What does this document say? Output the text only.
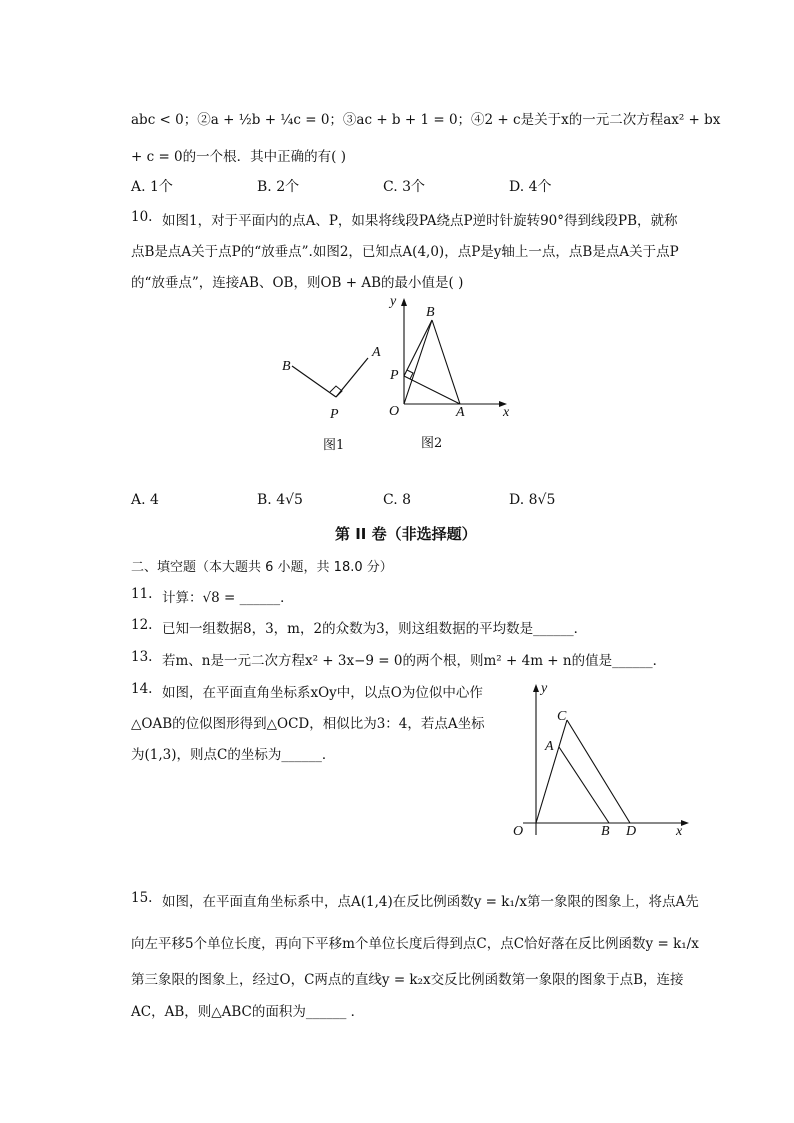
abc < 0；②a + ½b + ¼c = 0；③ac + b + 1 = 0；④2 + c是关于x的一元二次方程ax² + bx
+ c = 0的一个根．其中正确的有( )
A. 1个	B. 2个	C. 3个	D. 4个
10. 如图1，对于平面内的点A、P，如果将线段PA绕点P逆时针旋转90°得到线段PB，就称
点B是点A关于点P的“放垂点”.如图2，已知点A(4,0)，点P是y轴上一点，点B是点A关于点P
的“放垂点”，连接AB、OB，则OB + AB的最小值是( )
B
A
P
图1
y
B
P
O	A	x
图2
A. 4	B. 4√5	C. 8	D. 8√5
第 II 卷（非选择题）
二、填空题（本大题共 6 小题，共 18.0 分）
11. 计算：√8 = ______．
12. 已知一组数据8，3，m，2的众数为3，则这组数据的平均数是______．
13. 若m、n是一元二次方程x² + 3x−9 = 0的两个根，则m² + 4m + n的值是______．
14. 如图，在平面直角坐标系xOy中，以点O为位似中心作
△OAB的位似图形得到△OCD，相似比为3：4，若点A坐标
为(1,3)，则点C的坐标为______．
y
C
A
O	B D	x
15. 如图，在平面直角坐标系中，点A(1,4)在反比例函数y = k₁/x第一象限的图象上，将点A先
向左平移5个单位长度，再向下平移m个单位长度后得到点C，点C恰好落在反比例函数y = k₁/x
第三象限的图象上，经过O，C两点的直线y = k₂x交反比例函数第一象限的图象于点B，连接
AC，AB，则△ABC的面积为______ ．
